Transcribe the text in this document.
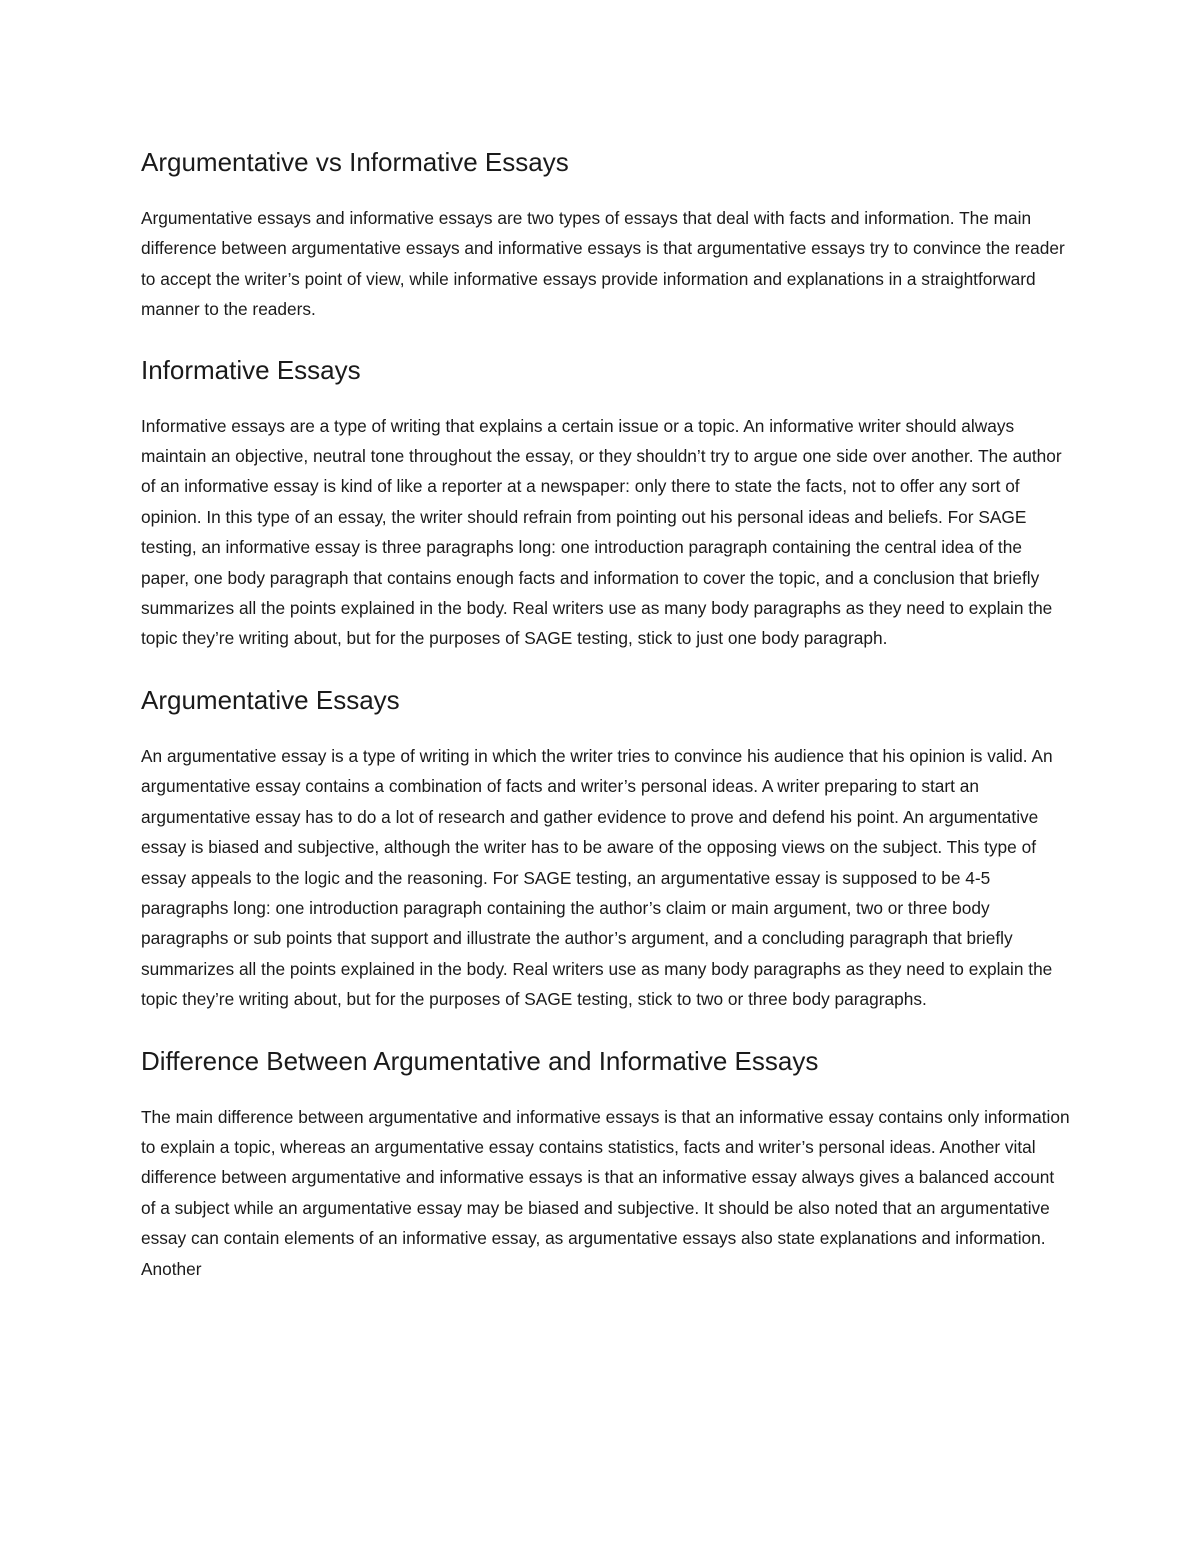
Argumentative vs Informative Essays

Argumentative essays and informative essays are two types of essays that deal with facts and information. The main difference between argumentative essays and informative essays is that argumentative essays try to convince the reader to accept the writer’s point of view, while informative essays provide information and explanations in a straightforward manner to the readers.

Informative Essays

Informative essays are a type of writing that explains a certain issue or a topic. An informative writer should always maintain an objective, neutral tone throughout the essay, or they shouldn’t try to argue one side over another. The author of an informative essay is kind of like a reporter at a newspaper: only there to state the facts, not to offer any sort of opinion. In this type of an essay, the writer should refrain from pointing out his personal ideas and beliefs. For SAGE testing, an informative essay is three paragraphs long: one introduction paragraph containing the central idea of the paper, one body paragraph that contains enough facts and information to cover the topic, and a conclusion that briefly summarizes all the points explained in the body. Real writers use as many body paragraphs as they need to explain the topic they’re writing about, but for the purposes of SAGE testing, stick to just one body paragraph.

Argumentative Essays

An argumentative essay is a type of writing in which the writer tries to convince his audience that his opinion is valid. An argumentative essay contains a combination of facts and writer’s personal ideas. A writer preparing to start an argumentative essay has to do a lot of research and gather evidence to prove and defend his point. An argumentative essay is biased and subjective, although the writer has to be aware of the opposing views on the subject. This type of essay appeals to the logic and the reasoning. For SAGE testing, an argumentative essay is supposed to be 4-5 paragraphs long: one introduction paragraph containing the author’s claim or main argument, two or three body paragraphs or sub points that support and illustrate the author’s argument, and a concluding paragraph that briefly summarizes all the points explained in the body. Real writers use as many body paragraphs as they need to explain the topic they’re writing about, but for the purposes of SAGE testing, stick to two or three body paragraphs.

Difference Between Argumentative and Informative Essays

The main difference between argumentative and informative essays is that an informative essay contains only information to explain a topic, whereas an argumentative essay contains statistics, facts and writer’s personal ideas. Another vital difference between argumentative and informative essays is that an informative essay always gives a balanced account of a subject while an argumentative essay may be biased and subjective. It should be also noted that an argumentative essay can contain elements of an informative essay, as argumentative essays also state explanations and information. Another
